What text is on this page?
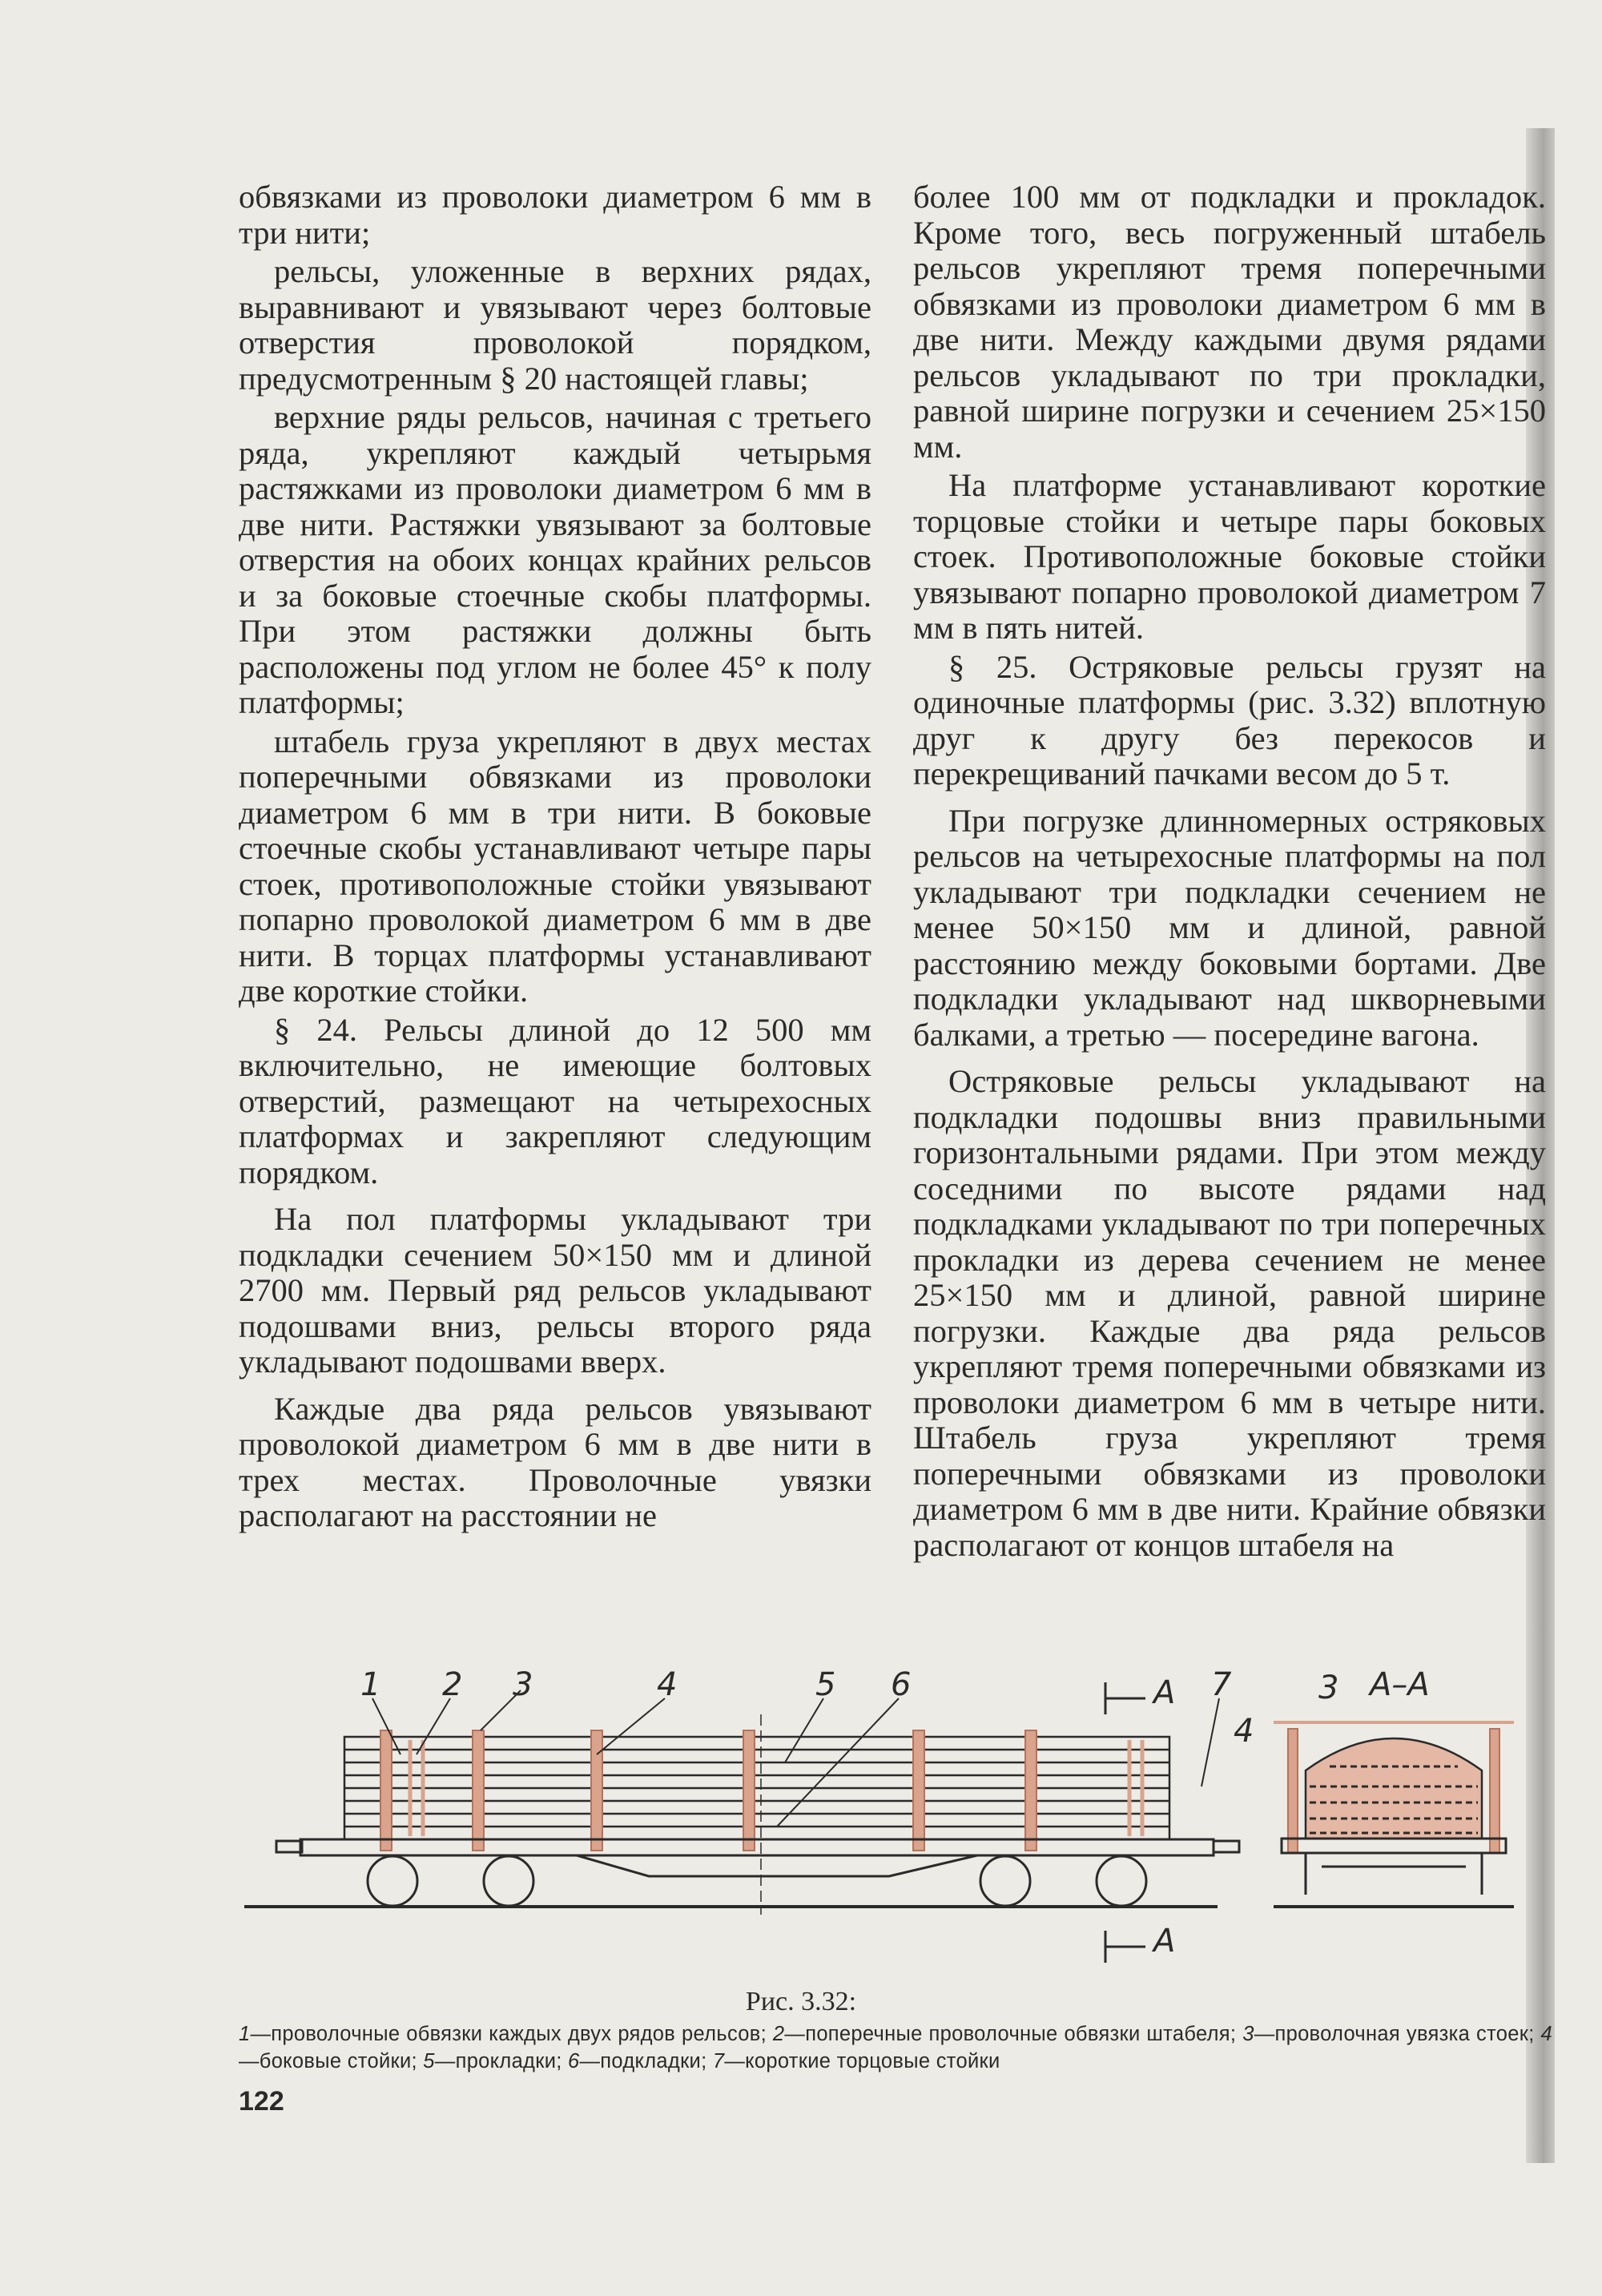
обвязками из проволоки диаметром 6 мм в три нити;

рельсы, уложенные в верхних рядах, выравнивают и увязывают через болтовые отверстия проволокой порядком, предусмотренным § 20 настоящей главы;

верхние ряды рельсов, начиная с третьего ряда, укрепляют каждый четырьмя растяжками из проволоки диаметром 6 мм в две нити. Растяжки увязывают за болтовые отверстия на обоих концах крайних рельсов и за боковые стоечные скобы платформы. При этом растяжки должны быть расположены под углом не более 45° к полу платформы;

штабель груза укрепляют в двух местах поперечными обвязками из проволоки диаметром 6 мм в три нити. В боковые стоечные скобы устанавливают четыре пары стоек, противоположные стойки увязывают попарно проволокой диаметром 6 мм в две нити. В торцах платформы устанавливают две короткие стойки.

§ 24. Рельсы длиной до 12 500 мм включительно, не имеющие болтовых отверстий, размещают на четырехосных платформах и закрепляют следующим порядком.

На пол платформы укладывают три подкладки сечением 50×150 мм и длиной 2700 мм. Первый ряд рельсов укладывают подошвами вниз, рельсы второго ряда укладывают подошвами вверх.

Каждые два ряда рельсов увязывают проволокой диаметром 6 мм в две нити в трех местах. Проволочные увязки располагают на расстоянии не

более 100 мм от подкладки и прокладок. Кроме того, весь погруженный штабель рельсов укрепляют тремя поперечными обвязками из проволоки диаметром 6 мм в две нити. Между каждыми двумя рядами рельсов укладывают по три прокладки, равной ширине погрузки и сечением 25×150 мм.

На платформе устанавливают короткие торцовые стойки и четыре пары боковых стоек. Противоположные боковые стойки увязывают попарно проволокой диаметром 7 мм в пять нитей.

§ 25. Остряковые рельсы грузят на одиночные платформы (рис. 3.32) вплотную друг к другу без перекосов и перекрещиваний пачками весом до 5 т.

При погрузке длинномерных остряковых рельсов на четырехосные платформы на пол укладывают три подкладки сечением не менее 50×150 мм и длиной, равной расстоянию между боковыми бортами. Две подкладки укладывают над шкворневыми балками, а третью — посередине вагона.

Остряковые рельсы укладывают на подкладки подошвы вниз правильными горизонтальными рядами. При этом между соседними по высоте рядами над подкладками укладывают по три поперечных прокладки из дерева сечением не менее 25×150 мм и длиной, равной ширине погрузки. Каждые два ряда рельсов укрепляют тремя поперечными обвязками из проволоки диаметром 6 мм в четыре нити. Штабель груза укрепляют тремя поперечными обвязками из проволоки диаметром 6 мм в две нити. Крайние обвязки располагают от концов штабеля на

1 2 3	4	5 6	7	3
4
A
A
А–А
Рис. 3.32:
1—проволочные обвязки каждых двух рядов рельсов; 2—поперечные проволочные обвязки штабеля; 3—проволочная увязка стоек; 4—боковые стойки; 5—прокладки; 6—подкладки; 7—короткие торцовые стойки
122
